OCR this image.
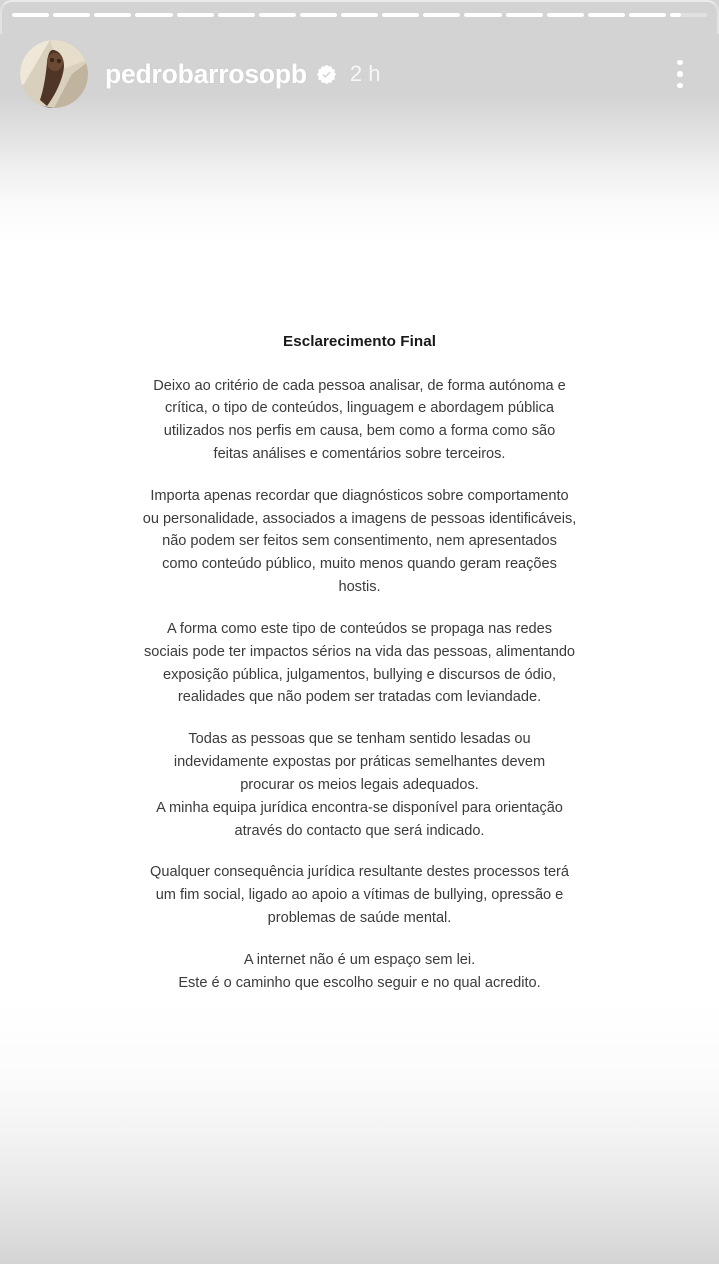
pedrobarrosopb 2 h
Esclarecimento Final
Deixo ao critério de cada pessoa analisar, de forma autónoma e
crítica, o tipo de conteúdos, linguagem e abordagem pública
utilizados nos perfis em causa, bem como a forma como são
feitas análises e comentários sobre terceiros.
Importa apenas recordar que diagnósticos sobre comportamento
ou personalidade, associados a imagens de pessoas identificáveis,
não podem ser feitos sem consentimento, nem apresentados
como conteúdo público, muito menos quando geram reações
hostis.
A forma como este tipo de conteúdos se propaga nas redes
sociais pode ter impactos sérios na vida das pessoas, alimentando
exposição pública, julgamentos, bullying e discursos de ódio,
realidades que não podem ser tratadas com leviandade.
Todas as pessoas que se tenham sentido lesadas ou
indevidamente expostas por práticas semelhantes devem
procurar os meios legais adequados.
A minha equipa jurídica encontra-se disponível para orientação
através do contacto que será indicado.
Qualquer consequência jurídica resultante destes processos terá
um fim social, ligado ao apoio a vítimas de bullying, opressão e
problemas de saúde mental.
A internet não é um espaço sem lei.
Este é o caminho que escolho seguir e no qual acredito.
